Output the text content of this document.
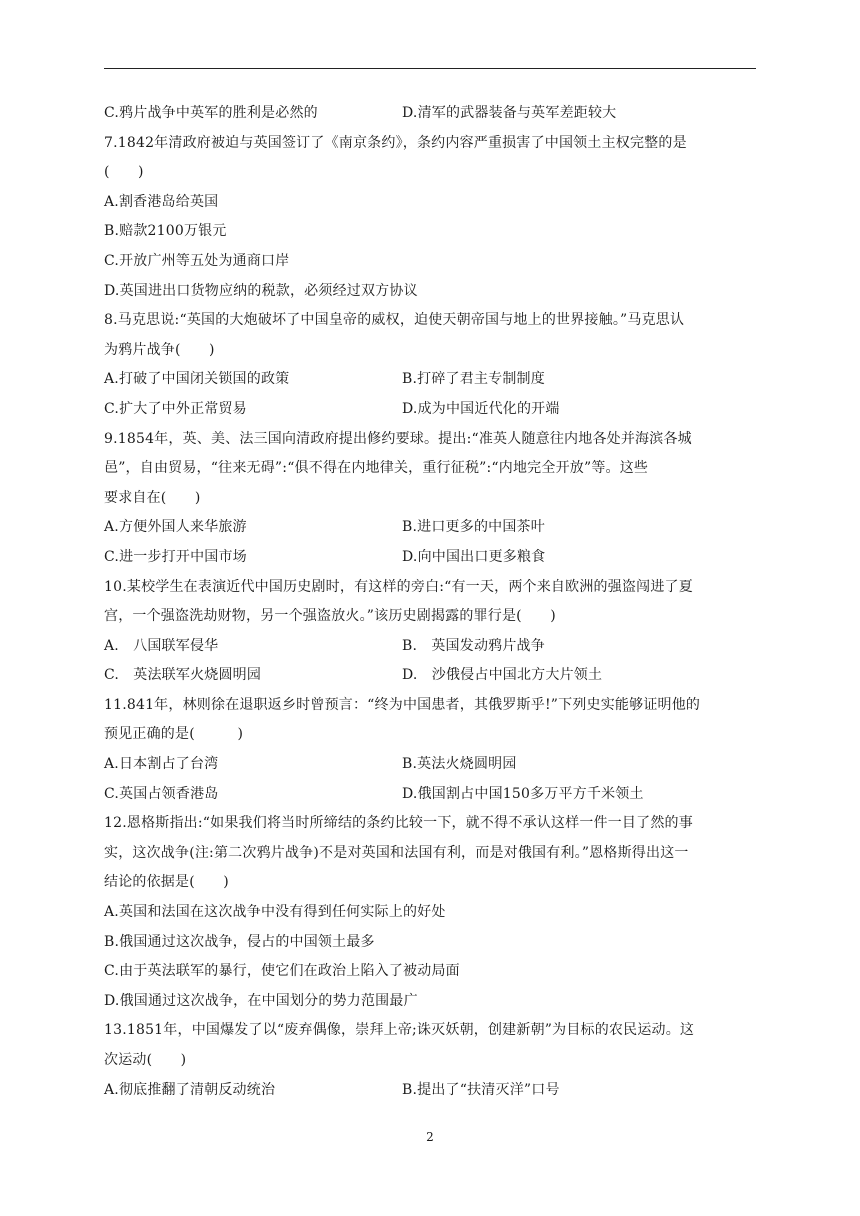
C.鸦片战争中英军的胜利是必然的	D.清军的武器装备与英军差距较大
7.1842年清政府被迫与英国签订了《南京条约》，条约内容严重损害了中国领土主权完整的是
(　　)
A.割香港岛给英国
B.赔款2100万银元
C.开放广州等五处为通商口岸
D.英国进出口货物应纳的税款，必须经过双方协议
8.马克思说:“英国的大炮破坏了中国皇帝的威权，迫使天朝帝国与地上的世界接触。”马克思认
为鸦片战争(　　)
A.打破了中国闭关锁国的政策	B.打碎了君主专制制度
C.扩大了中外正常贸易	D.成为中国近代化的开端
9.1854年，英、美、法三国向清政府提出修约要球。提出:“准英人随意往内地各处并海滨各城
邑”，自由贸易，“往来无碍”:“俱不得在内地律关，重行征税”:“内地完全开放”等。这些
要求自在(　　)
A.方便外国人来华旅游	B.进口更多的中国茶叶
C.进一步打开中国市场	D.向中国出口更多粮食
10.某校学生在表演近代中国历史剧时，有这样的旁白:“有一天，两个来自欧洲的强盗闯进了夏
宫，一个强盗洗劫财物，另一个强盗放火。”该历史剧揭露的罪行是(　　)
A.　八国联军侵华	B.　英国发动鸦片战争
C.　英法联军火烧圆明园	D.　沙俄侵占中国北方大片领土
11.841年，林则徐在退职返乡时曾预言：“终为中国患者，其俄罗斯乎!”下列史实能够证明他的
预见正确的是(　　　)
A.日本割占了台湾	B.英法火烧圆明园
C.英国占领香港岛	D.俄国割占中国150多万平方千米领土
12.恩格斯指出:“如果我们将当时所缔结的条约比较一下，就不得不承认这样一件一目了然的事
实，这次战争(注:第二次鸦片战争)不是对英国和法国有利，而是对俄国有利。”恩格斯得出这一
结论的依据是(　　)
A.英国和法国在这次战争中没有得到任何实际上的好处
B.俄国通过这次战争，侵占的中国领土最多
C.由于英法联军的暴行，使它们在政治上陷入了被动局面
D.俄国通过这次战争，在中国划分的势力范围最广
13.1851年，中国爆发了以“废弃偶像，崇拜上帝;诛灭妖朝，创建新朝”为目标的农民运动。这
次运动(　　)
A.彻底推翻了清朝反动统治	B.提出了“扶清灭洋”口号
2
